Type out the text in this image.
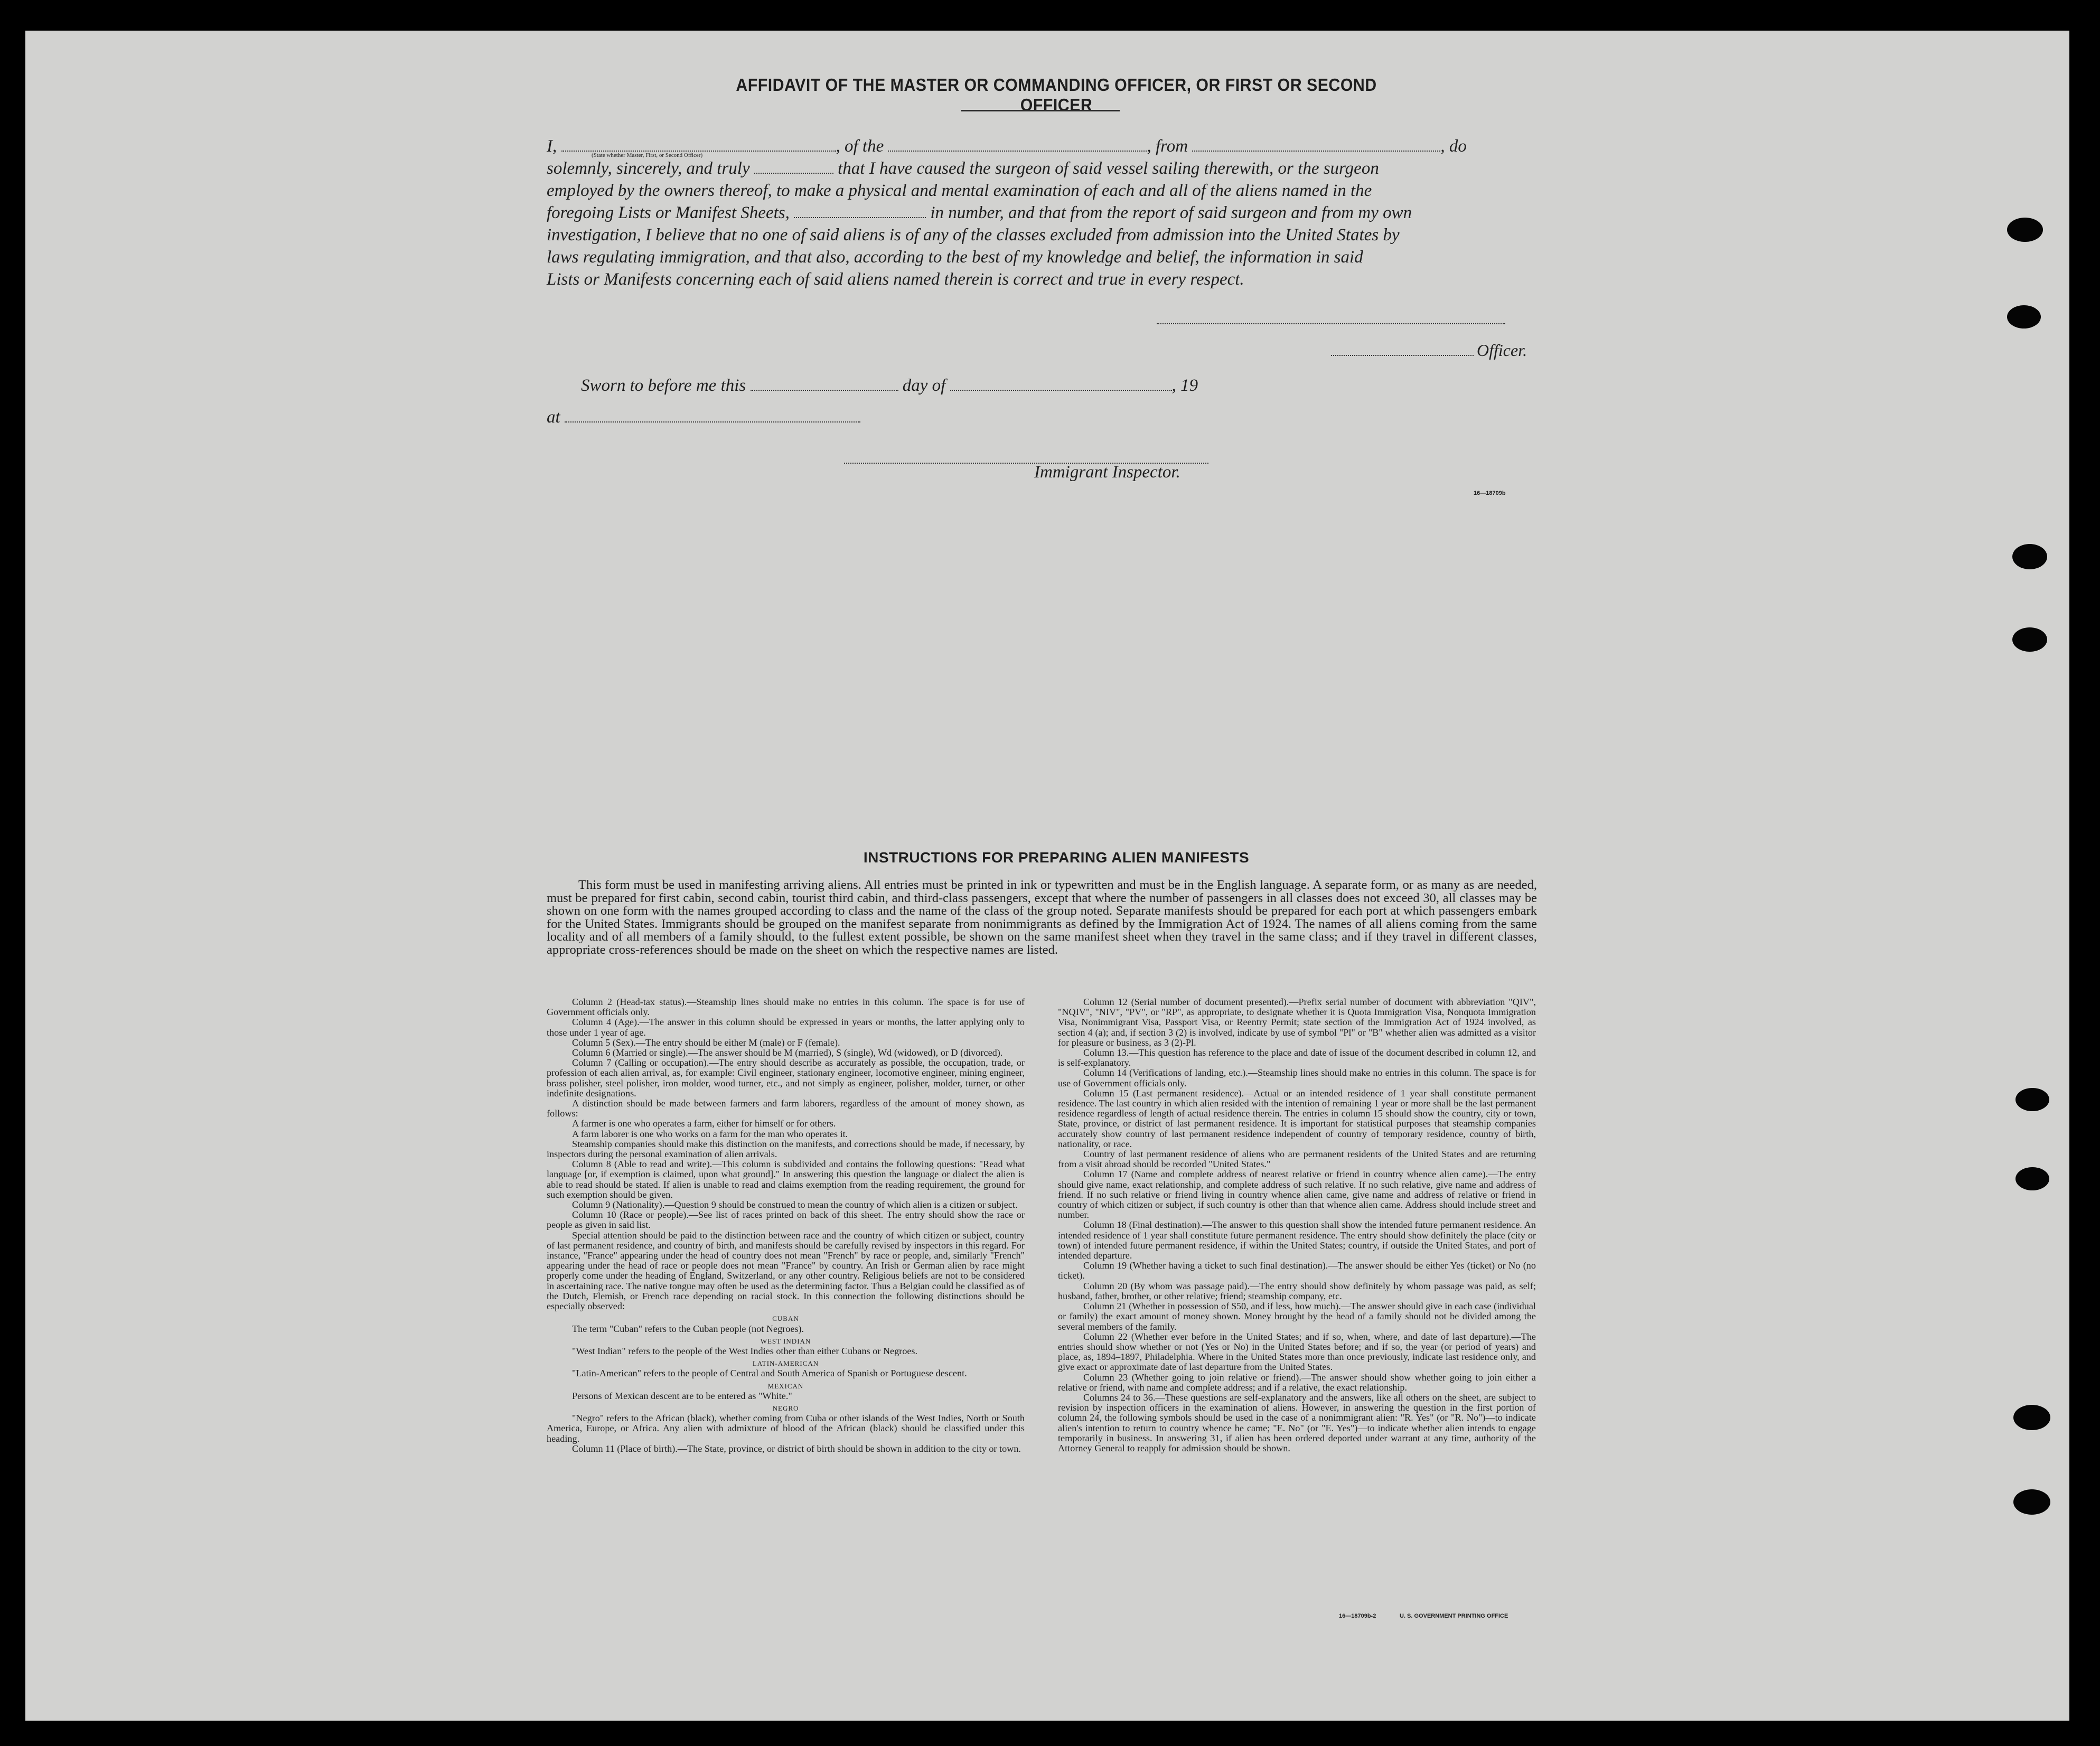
AFFIDAVIT OF THE MASTER OR COMMANDING OFFICER, OR FIRST OR SECOND OFFICER
I,	, of the	, from	, do
(State whether Master, First, or Second Officer)
solemnly, sincerely, and truly	that I have caused the surgeon of said vessel sailing therewith, or the surgeon
employed by the owners thereof, to make a physical and mental examination of each and all of the aliens named in the
foregoing Lists or Manifest Sheets,	in number, and that from the report of said surgeon and from my own
investigation, I believe that no one of said aliens is of any of the classes excluded from admission into the United States by
laws regulating immigration, and that also, according to the best of my knowledge and belief, the information in said
Lists or Manifests concerning each of said aliens named therein is correct and true in every respect.
Officer.
Sworn to before me this	day of	, 19
at
Immigrant Inspector.
16—18709b
INSTRUCTIONS FOR PREPARING ALIEN MANIFESTS

This form must be used in manifesting arriving aliens. All entries must be printed in ink or typewritten and must be in the English language. A separate form, or as many as are needed, must be prepared for first cabin, second cabin, tourist third cabin, and third-class passengers, except that where the number of passengers in all classes does not exceed 30, all classes may be shown on one form with the names grouped according to class and the name of the class of the group noted. Separate manifests should be prepared for each port at which passengers embark for the United States. Immigrants should be grouped on the manifest separate from nonimmigrants as defined by the Immigration Act of 1924. The names of all aliens coming from the same locality and of all members of a family should, to the fullest extent possible, be shown on the same manifest sheet when they travel in the same class; and if they travel in different classes, appropriate cross-references should be made on the sheet on which the respective names are listed.

Column 2 (Head-tax status).—Steamship lines should make no entries in this column. The space is for use of Government officials only.

Column 4 (Age).—The answer in this column should be expressed in years or months, the latter applying only to those under 1 year of age.

Column 5 (Sex).—The entry should be either M (male) or F (female).

Column 6 (Married or single).—The answer should be M (married), S (single), Wd (widowed), or D (divorced).

Column 7 (Calling or occupation).—The entry should describe as accurately as possible, the occupation, trade, or profession of each alien arrival, as, for example: Civil engineer, stationary engineer, locomotive engineer, mining engineer, brass polisher, steel polisher, iron molder, wood turner, etc., and not simply as engineer, polisher, molder, turner, or other indefinite designations.

A distinction should be made between farmers and farm laborers, regardless of the amount of money shown, as follows:

A farmer is one who operates a farm, either for himself or for others.

A farm laborer is one who works on a farm for the man who operates it.

Steamship companies should make this distinction on the manifests, and corrections should be made, if necessary, by inspectors during the personal examination of alien arrivals.

Column 8 (Able to read and write).—This column is subdivided and contains the following questions: "Read what language [or, if exemption is claimed, upon what ground]." In answering this question the language or dialect the alien is able to read should be stated. If alien is unable to read and claims exemption from the reading requirement, the ground for such exemption should be given.

Column 9 (Nationality).—Question 9 should be construed to mean the country of which alien is a citizen or subject.

Column 10 (Race or people).—See list of races printed on back of this sheet. The entry should show the race or people as given in said list.

Special attention should be paid to the distinction between race and the country of which citizen or subject, country of last permanent residence, and country of birth, and manifests should be carefully revised by inspectors in this regard. For instance, "France" appearing under the head of country does not mean "French" by race or people, and, similarly "French" appearing under the head of race or people does not mean "France" by country. An Irish or German alien by race might properly come under the heading of England, Switzerland, or any other country. Religious beliefs are not to be considered in ascertaining race. The native tongue may often be used as the determining factor. Thus a Belgian could be classified as of the Dutch, Flemish, or French race depending on racial stock. In this connection the following distinctions should be especially observed:

CUBAN

The term "Cuban" refers to the Cuban people (not Negroes).

WEST INDIAN

"West Indian" refers to the people of the West Indies other than either Cubans or Negroes.

LATIN-AMERICAN

"Latin-American" refers to the people of Central and South America of Spanish or Portuguese descent.

MEXICAN

Persons of Mexican descent are to be entered as "White."

NEGRO

"Negro" refers to the African (black), whether coming from Cuba or other islands of the West Indies, North or South America, Europe, or Africa. Any alien with admixture of blood of the African (black) should be classified under this heading.

Column 11 (Place of birth).—The State, province, or district of birth should be shown in addition to the city or town.

Column 12 (Serial number of document presented).—Prefix serial number of document with abbreviation "QIV", "NQIV", "NIV", "PV", or "RP", as appropriate, to designate whether it is Quota Immigration Visa, Nonquota Immigration Visa, Nonimmigrant Visa, Passport Visa, or Reentry Permit; state section of the Immigration Act of 1924 involved, as section 4 (a); and, if section 3 (2) is involved, indicate by use of symbol "Pl" or "B" whether alien was admitted as a visitor for pleasure or business, as 3 (2)-Pl.

Column 13.—This question has reference to the place and date of issue of the document described in column 12, and is self-explanatory.

Column 14 (Verifications of landing, etc.).—Steamship lines should make no entries in this column. The space is for use of Government officials only.

Column 15 (Last permanent residence).—Actual or an intended residence of 1 year shall constitute permanent residence. The last country in which alien resided with the intention of remaining 1 year or more shall be the last permanent residence regardless of length of actual residence therein. The entries in column 15 should show the country, city or town, State, province, or district of last permanent residence. It is important for statistical purposes that steamship companies accurately show country of last permanent residence independent of country of temporary residence, country of birth, nationality, or race.

Country of last permanent residence of aliens who are permanent residents of the United States and are returning from a visit abroad should be recorded "United States."

Column 17 (Name and complete address of nearest relative or friend in country whence alien came).—The entry should give name, exact relationship, and complete address of such relative. If no such relative, give name and address of friend. If no such relative or friend living in country whence alien came, give name and address of relative or friend in country of which citizen or subject, if such country is other than that whence alien came. Address should include street and number.

Column 18 (Final destination).—The answer to this question shall show the intended future permanent residence. An intended residence of 1 year shall constitute future permanent residence. The entry should show definitely the place (city or town) of intended future permanent residence, if within the United States; country, if outside the United States, and port of intended departure.

Column 19 (Whether having a ticket to such final destination).—The answer should be either Yes (ticket) or No (no ticket).

Column 20 (By whom was passage paid).—The entry should show definitely by whom passage was paid, as self; husband, father, brother, or other relative; friend; steamship company, etc.

Column 21 (Whether in possession of $50, and if less, how much).—The answer should give in each case (individual or family) the exact amount of money shown. Money brought by the head of a family should not be divided among the several members of the family.

Column 22 (Whether ever before in the United States; and if so, when, where, and date of last departure).—The entries should show whether or not (Yes or No) in the United States before; and if so, the year (or period of years) and place, as, 1894–1897, Philadelphia. Where in the United States more than once previously, indicate last residence only, and give exact or approximate date of last departure from the United States.

Column 23 (Whether going to join relative or friend).—The answer should show whether going to join either a relative or friend, with name and complete address; and if a relative, the exact relationship.

Columns 24 to 36.—These questions are self-explanatory and the answers, like all others on the sheet, are subject to revision by inspection officers in the examination of aliens. However, in answering the question in the first portion of column 24, the following symbols should be used in the case of a nonimmigrant alien: "R. Yes" (or "R. No")—to indicate alien's intention to return to country whence he came; "E. No" (or "E. Yes")—to indicate whether alien intends to engage temporarily in business. In answering 31, if alien has been ordered deported under warrant at any time, authority of the Attorney General to reapply for admission should be shown.

16—18709b-2	U. S. GOVERNMENT PRINTING OFFICE
